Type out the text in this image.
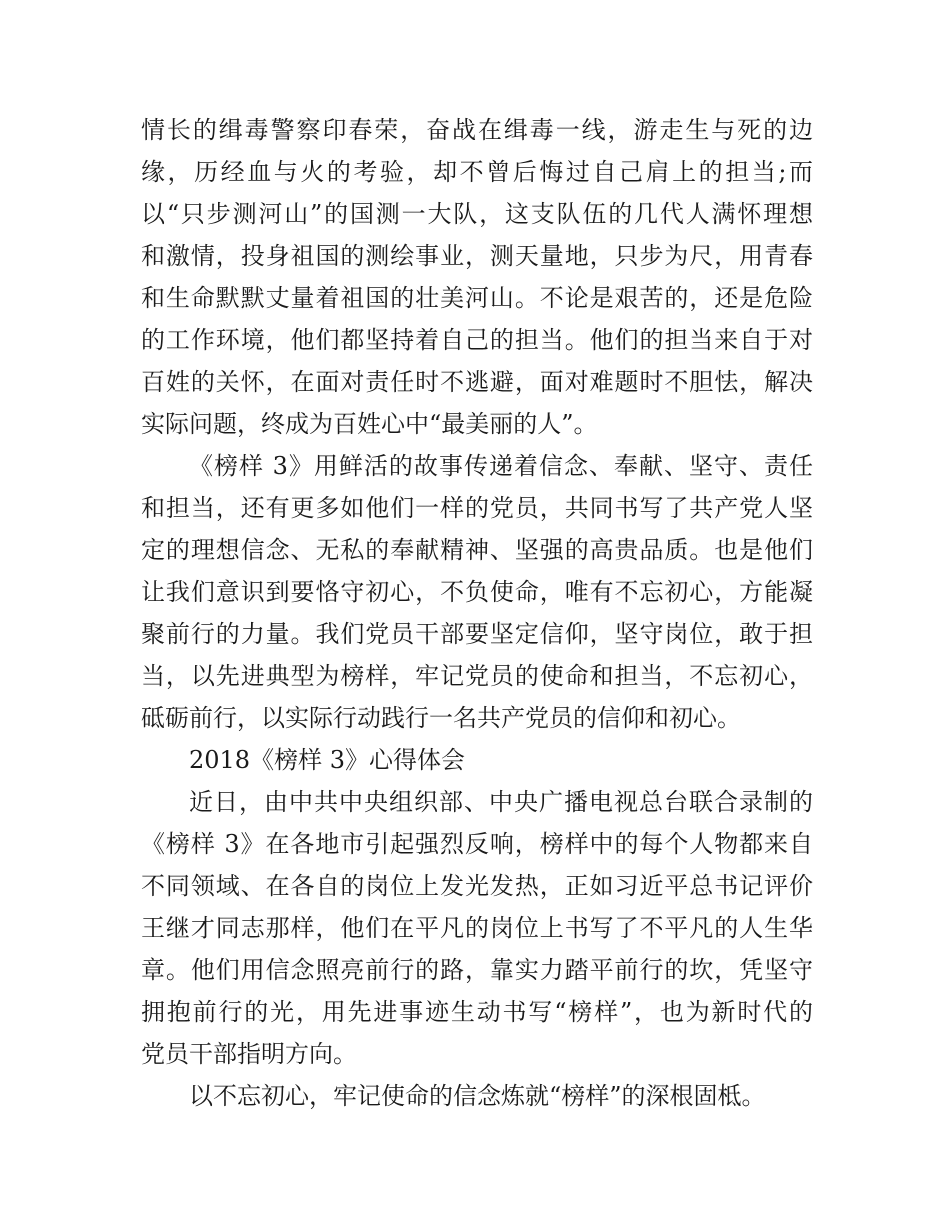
情长的缉毒警察印春荣，奋战在缉毒一线，游走生与死的边
缘，历经血与火的考验，却不曾后悔过自己肩上的担当;而
以“只步测河山”的国测一大队，这支队伍的几代人满怀理想
和激情，投身祖国的测绘事业，测天量地，只步为尺，用青春
和生命默默丈量着祖国的壮美河山。不论是艰苦的，还是危险
的工作环境，他们都坚持着自己的担当。他们的担当来自于对
百姓的关怀，在面对责任时不逃避，面对难题时不胆怯，解决
实际问题，终成为百姓心中“最美丽的人”。
《榜样 3》用鲜活的故事传递着信念、奉献、坚守、责任
和担当，还有更多如他们一样的党员，共同书写了共产党人坚
定的理想信念、无私的奉献精神、坚强的高贵品质。也是他们
让我们意识到要恪守初心，不负使命，唯有不忘初心，方能凝
聚前行的力量。我们党员干部要坚定信仰，坚守岗位，敢于担
当，以先进典型为榜样，牢记党员的使命和担当，不忘初心，
砥砺前行，以实际行动践行一名共产党员的信仰和初心。
2018《榜样 3》心得体会
近日，由中共中央组织部、中央广播电视总台联合录制的
《榜样 3》在各地市引起强烈反响，榜样中的每个人物都来自
不同领域、在各自的岗位上发光发热，正如习近平总书记评价
王继才同志那样，他们在平凡的岗位上书写了不平凡的人生华
章。他们用信念照亮前行的路，靠实力踏平前行的坎，凭坚守
拥抱前行的光，用先进事迹生动书写“榜样”，也为新时代的
党员干部指明方向。
以不忘初心，牢记使命的信念炼就“榜样”的深根固柢。
